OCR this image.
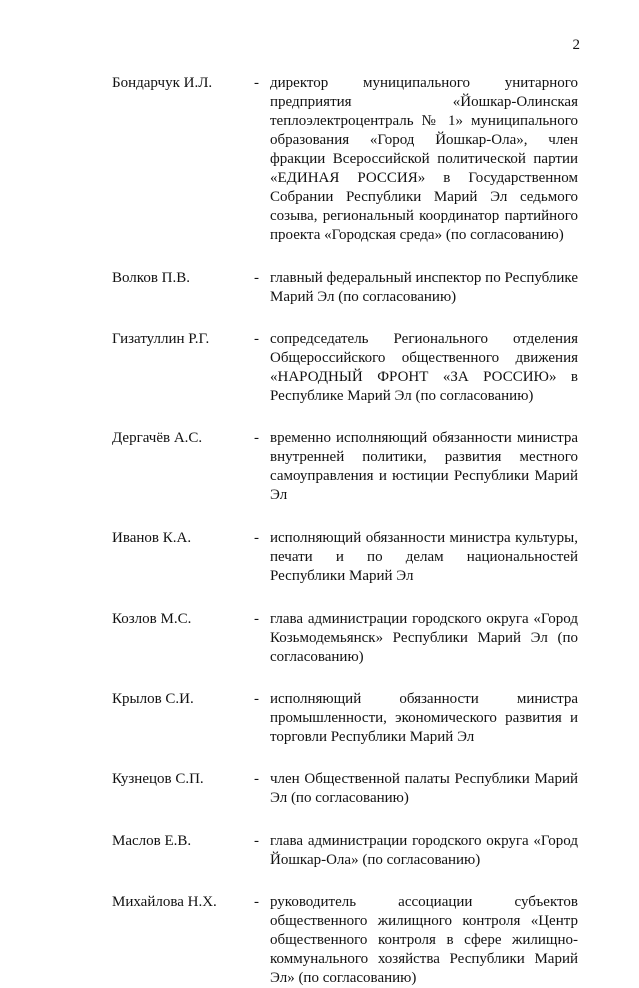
2
Бондарчук И.Л.	- директор муниципального унитарного предприятия «Йошкар-Олинская теплоэлектроцентраль № 1» муниципального образования «Город Йошкар-Ола», член фракции Всероссийской политической партии «ЕДИНАЯ РОССИЯ» в Государственном Собрании Республики Марий Эл седьмого созыва, региональный координатор партийного проекта «Городская среда» (по согласованию)
Волков П.В.	- главный федеральный инспектор по Республике Марий Эл (по согласованию)
Гизатуллин Р.Г.	- сопредседатель Регионального отделения Общероссийского общественного движения «НАРОДНЫЙ ФРОНТ «ЗА РОССИЮ» в Республике Марий Эл (по согласованию)
Дергачёв А.С.	- временно исполняющий обязанности министра внутренней политики, развития местного самоуправления и юстиции Республики Марий Эл
Иванов К.А.	- исполняющий обязанности министра культуры, печати и по делам национальностей Республики Марий Эл
Козлов М.С.	- глава администрации городского округа «Город Козьмодемьянск» Республики Марий Эл (по согласованию)
Крылов С.И.	- исполняющий обязанности министра промышленности, экономического развития и торговли Республики Марий Эл
Кузнецов С.П.	- член Общественной палаты Республики Марий Эл (по согласованию)
Маслов Е.В.	- глава администрации городского округа «Город Йошкар-Ола» (по согласованию)
Михайлова Н.Х.	- руководитель ассоциации субъектов общественного жилищного контроля «Центр общественного контроля в сфере жилищно-коммунального хозяйства Республики Марий Эл» (по согласованию)
